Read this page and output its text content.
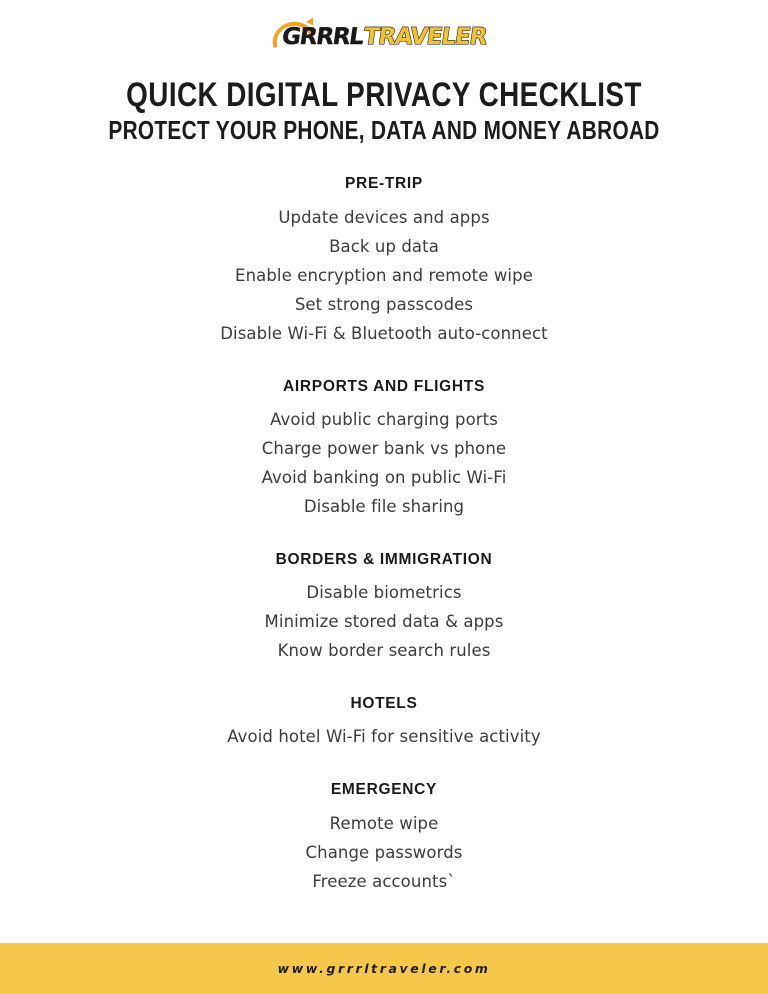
GRRRLTRAVELER
QUICK DIGITAL PRIVACY CHECKLIST
PROTECT YOUR PHONE, DATA AND MONEY ABROAD
PRE-TRIP
Update devices and apps
Back up data
Enable encryption and remote wipe
Set strong passcodes
Disable Wi-Fi & Bluetooth auto-connect
AIRPORTS AND FLIGHTS
Avoid public charging ports
Charge power bank vs phone
Avoid banking on public Wi-Fi
Disable file sharing
BORDERS & IMMIGRATION
Disable biometrics
Minimize stored data & apps
Know border search rules
HOTELS
Avoid hotel Wi-Fi for sensitive activity
EMERGENCY
Remote wipe
Change passwords
Freeze accounts`
www.grrrltraveler.com
